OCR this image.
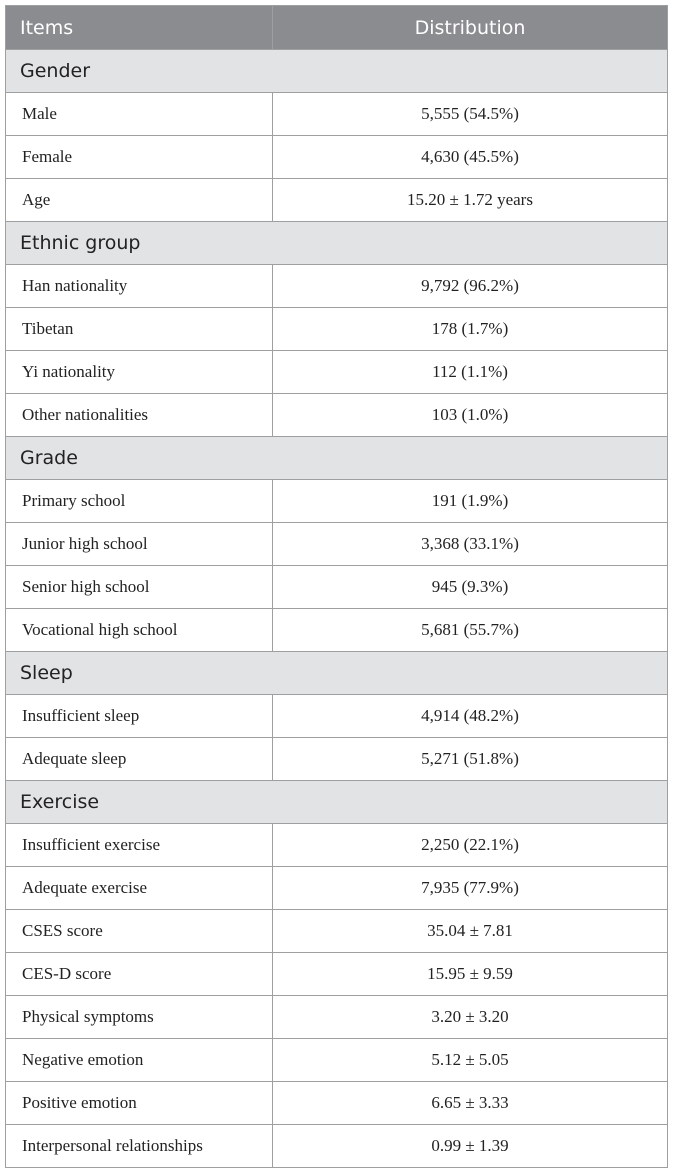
Items	Distribution
Gender	
Male	5,555 (54.5%)
Female	4,630 (45.5%)
Age	15.20 ± 1.72 years
Ethnic group	
Han nationality	9,792 (96.2%)
Tibetan	178 (1.7%)
Yi nationality	112 (1.1%)
Other nationalities	103 (1.0%)
Grade	
Primary school	191 (1.9%)
Junior high school	3,368 (33.1%)
Senior high school	945 (9.3%)
Vocational high school	5,681 (55.7%)
Sleep	
Insufficient sleep	4,914 (48.2%)
Adequate sleep	5,271 (51.8%)
Exercise	
Insufficient exercise	2,250 (22.1%)
Adequate exercise	7,935 (77.9%)
CSES score	35.04 ± 7.81
CES-D score	15.95 ± 9.59
Physical symptoms	3.20 ± 3.20
Negative emotion	5.12 ± 5.05
Positive emotion	6.65 ± 3.33
Interpersonal relationships	0.99 ± 1.39
